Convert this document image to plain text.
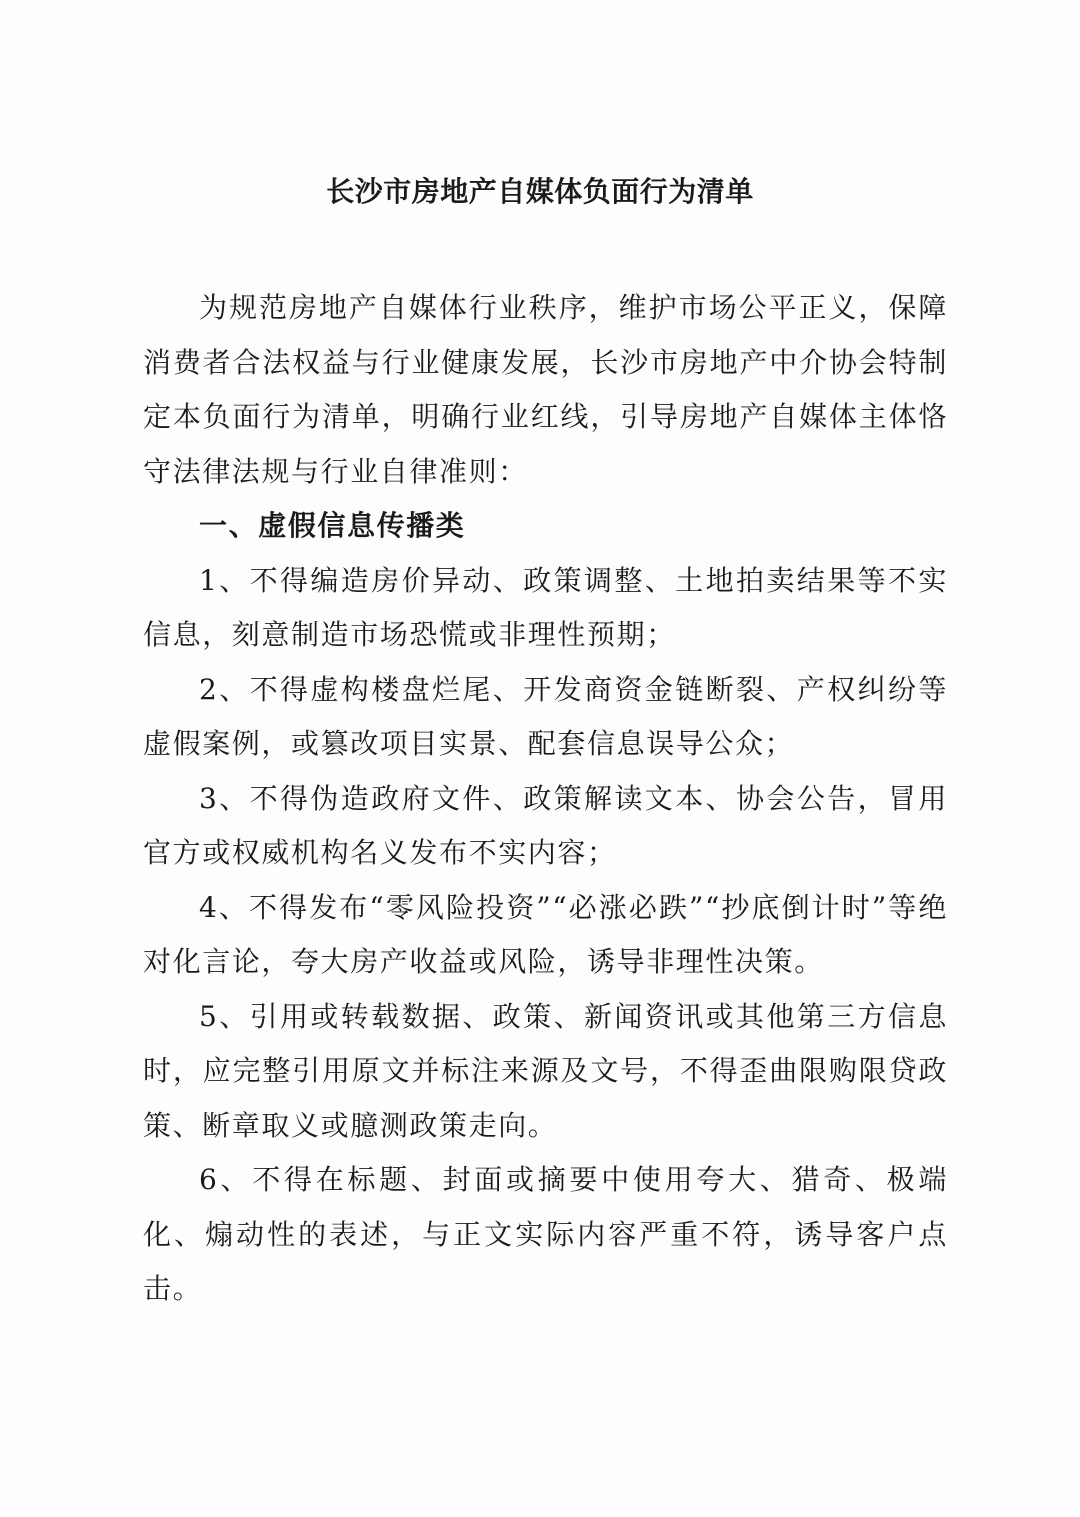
长沙市房地产自媒体负面行为清单

为规范房地产自媒体行业秩序，维护市场公平正义，保障消费者合法权益与行业健康发展，长沙市房地产中介协会特制定本负面行为清单，明确行业红线，引导房地产自媒体主体恪守法律法规与行业自律准则：

一、虚假信息传播类

1、不得编造房价异动、政策调整、土地拍卖结果等不实信息，刻意制造市场恐慌或非理性预期；

2、不得虚构楼盘烂尾、开发商资金链断裂、产权纠纷等虚假案例，或篡改项目实景、配套信息误导公众；

3、不得伪造政府文件、政策解读文本、协会公告，冒用官方或权威机构名义发布不实内容；

4、不得发布“零风险投资”“必涨必跌”“抄底倒计时”等绝对化言论，夸大房产收益或风险，诱导非理性决策。

5、引用或转载数据、政策、新闻资讯或其他第三方信息时，应完整引用原文并标注来源及文号，不得歪曲限购限贷政策、断章取义或臆测政策走向。

6、不得在标题、封面或摘要中使用夸大、猎奇、极端化、煽动性的表述，与正文实际内容严重不符，诱导客户点击。
